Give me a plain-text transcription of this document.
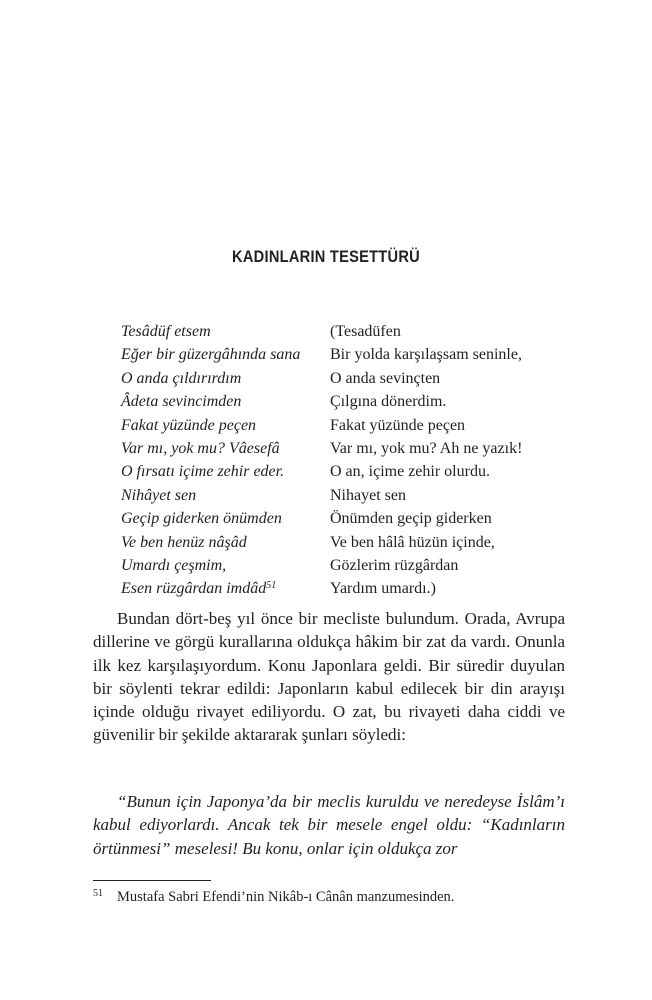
KADINLARIN TESETTÜRÜ
Tesâdüf etsem	(Tesadüfen
Eğer bir güzergâhında sana	Bir yolda karşılaşsam seninle,
O anda çıldırırdım	O anda sevinçten
Âdeta sevincimden	Çılgına dönerdim.
Fakat yüzünde peçen	Fakat yüzünde peçen
Var mı, yok mu? Vâesefâ	Var mı, yok mu? Ah ne yazık!
O fırsatı içime zehir eder.	O an, içime zehir olurdu.
Nihâyet sen	Nihayet sen
Geçip giderken önümden	Önümden geçip giderken
Ve ben henüz nâşâd	Ve ben hâlâ hüzün içinde,
Umardı çeşmim,	Gözlerim rüzgârdan
Esen rüzgârdan imdâd$^{51}$	Yardım umardı.)

Bundan dört-beş yıl önce bir mecliste bulundum. Orada, Avrupa dillerine ve görgü kurallarına oldukça hâkim bir zat da vardı. Onunla ilk kez karşılaşıyordum. Konu Japonlara geldi. Bir süredir duyulan bir söylenti tekrar edildi: Japonların kabul edilecek bir din arayışı içinde olduğu rivayet ediliyordu. O zat, bu rivayeti daha ciddi ve güvenilir bir şekilde aktararak şunları söyledi:

“Bunun için Japonya’da bir meclis kuruldu ve neredeyse İslâm’ı kabul ediyorlardı. Ancak tek bir mesele engel oldu: “Kadınların örtünmesi” meselesi! Bu konu, onlar için oldukça zor

51 Mustafa Sabri Efendi’nin Nikâb-ı Cânân manzumesinden.
